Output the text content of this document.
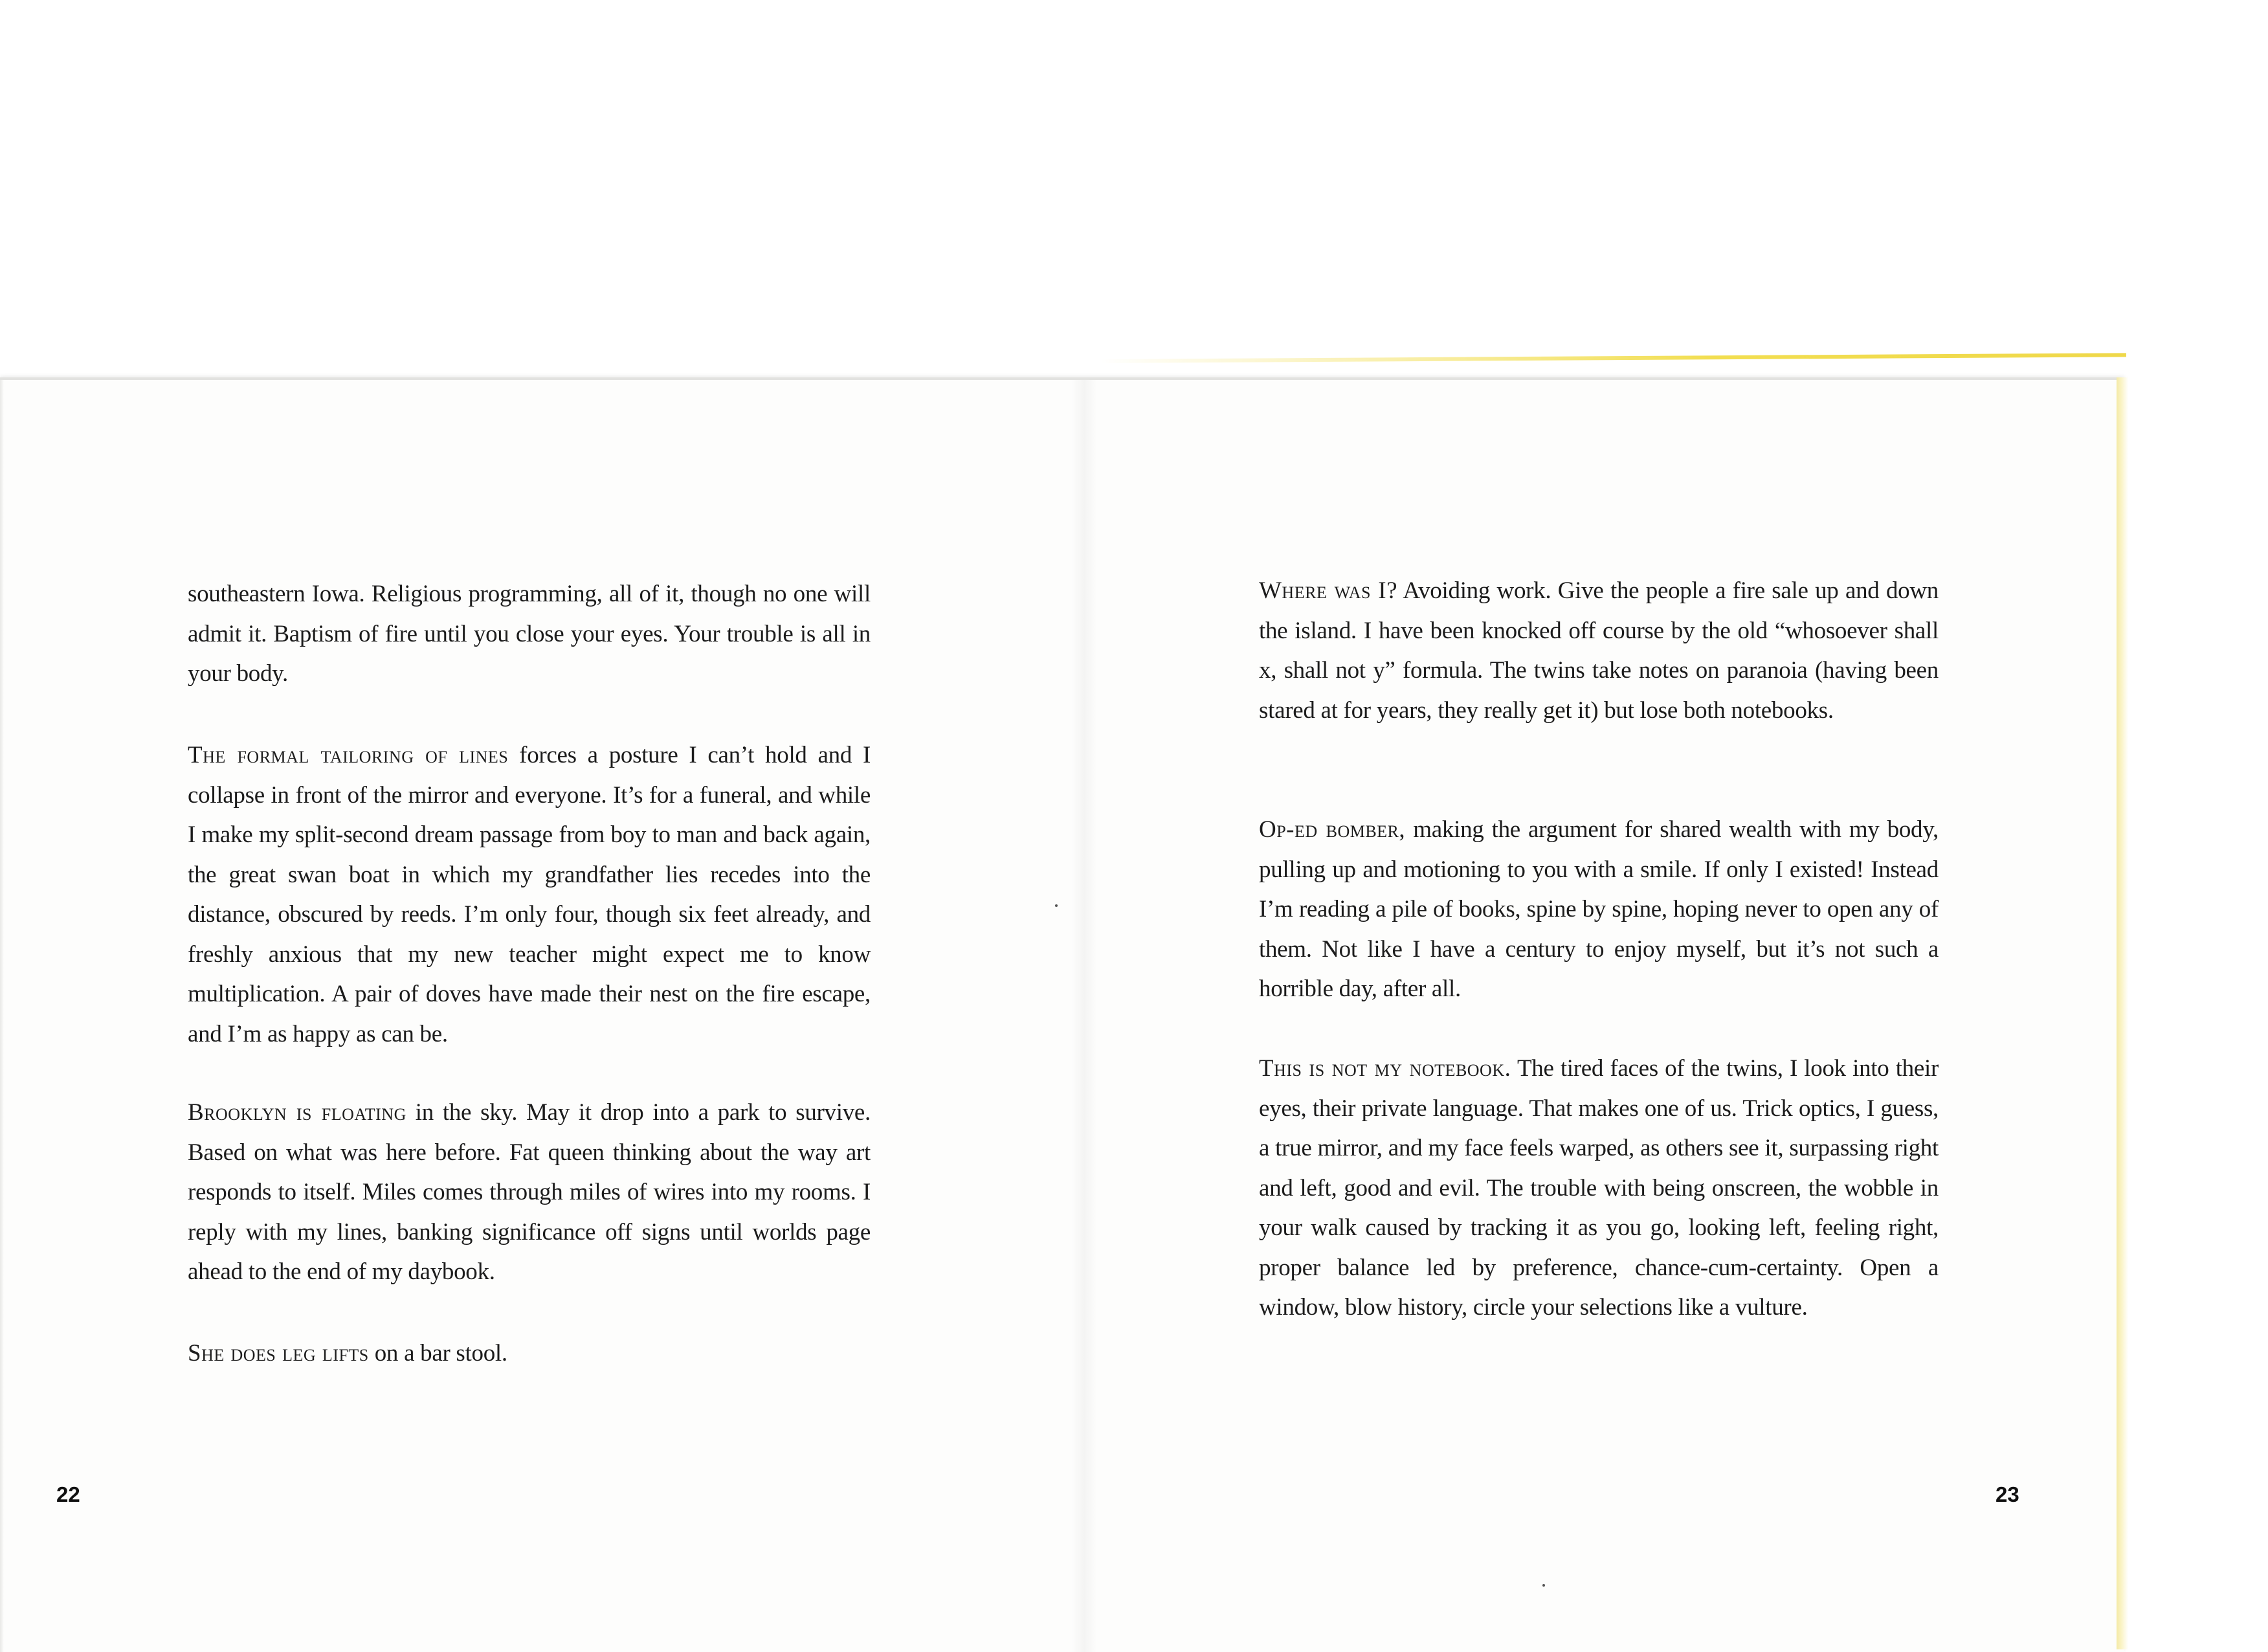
southeastern Iowa. Religious programming, all of it, though no one will admit it. Baptism of fire until you close your eyes. Your trouble is all in your body.

The formal tailoring of lines forces a posture I can’t hold and I collapse in front of the mirror and everyone. It’s for a funeral, and while I make my split-second dream passage from boy to man and back again, the great swan boat in which my grandfather lies recedes into the distance, obscured by reeds. I’m only four, though six feet already, and freshly anxious that my new teacher might expect me to know multiplication. A pair of doves have made their nest on the fire escape, and I’m as happy as can be.

Brooklyn is floating in the sky. May it drop into a park to survive. Based on what was here before. Fat queen thinking about the way art responds to itself. Miles comes through miles of wires into my rooms. I reply with my lines, banking significance off signs until worlds page ahead to the end of my daybook.

She does leg lifts on a bar stool.

Where was I? Avoiding work. Give the people a fire sale up and down the island. I have been knocked off course by the old “whosoever shall x, shall not y” formula. The twins take notes on paranoia (having been stared at for years, they really get it) but lose both notebooks.

Op-ed bomber, making the argument for shared wealth with my body, pulling up and motioning to you with a smile. If only I existed! Instead I’m reading a pile of books, spine by spine, hoping never to open any of them. Not like I have a century to enjoy myself, but it’s not such a horrible day, after all.

This is not my notebook. The tired faces of the twins, I look into their eyes, their private language. That makes one of us. Trick optics, I guess, a true mirror, and my face feels warped, as others see it, surpassing right and left, good and evil. The trouble with being onscreen, the wobble in your walk caused by tracking it as you go, looking left, feeling right, proper balance led by preference, chance-cum-certainty. Open a window, blow history, circle your selections like a vulture.

22	23
